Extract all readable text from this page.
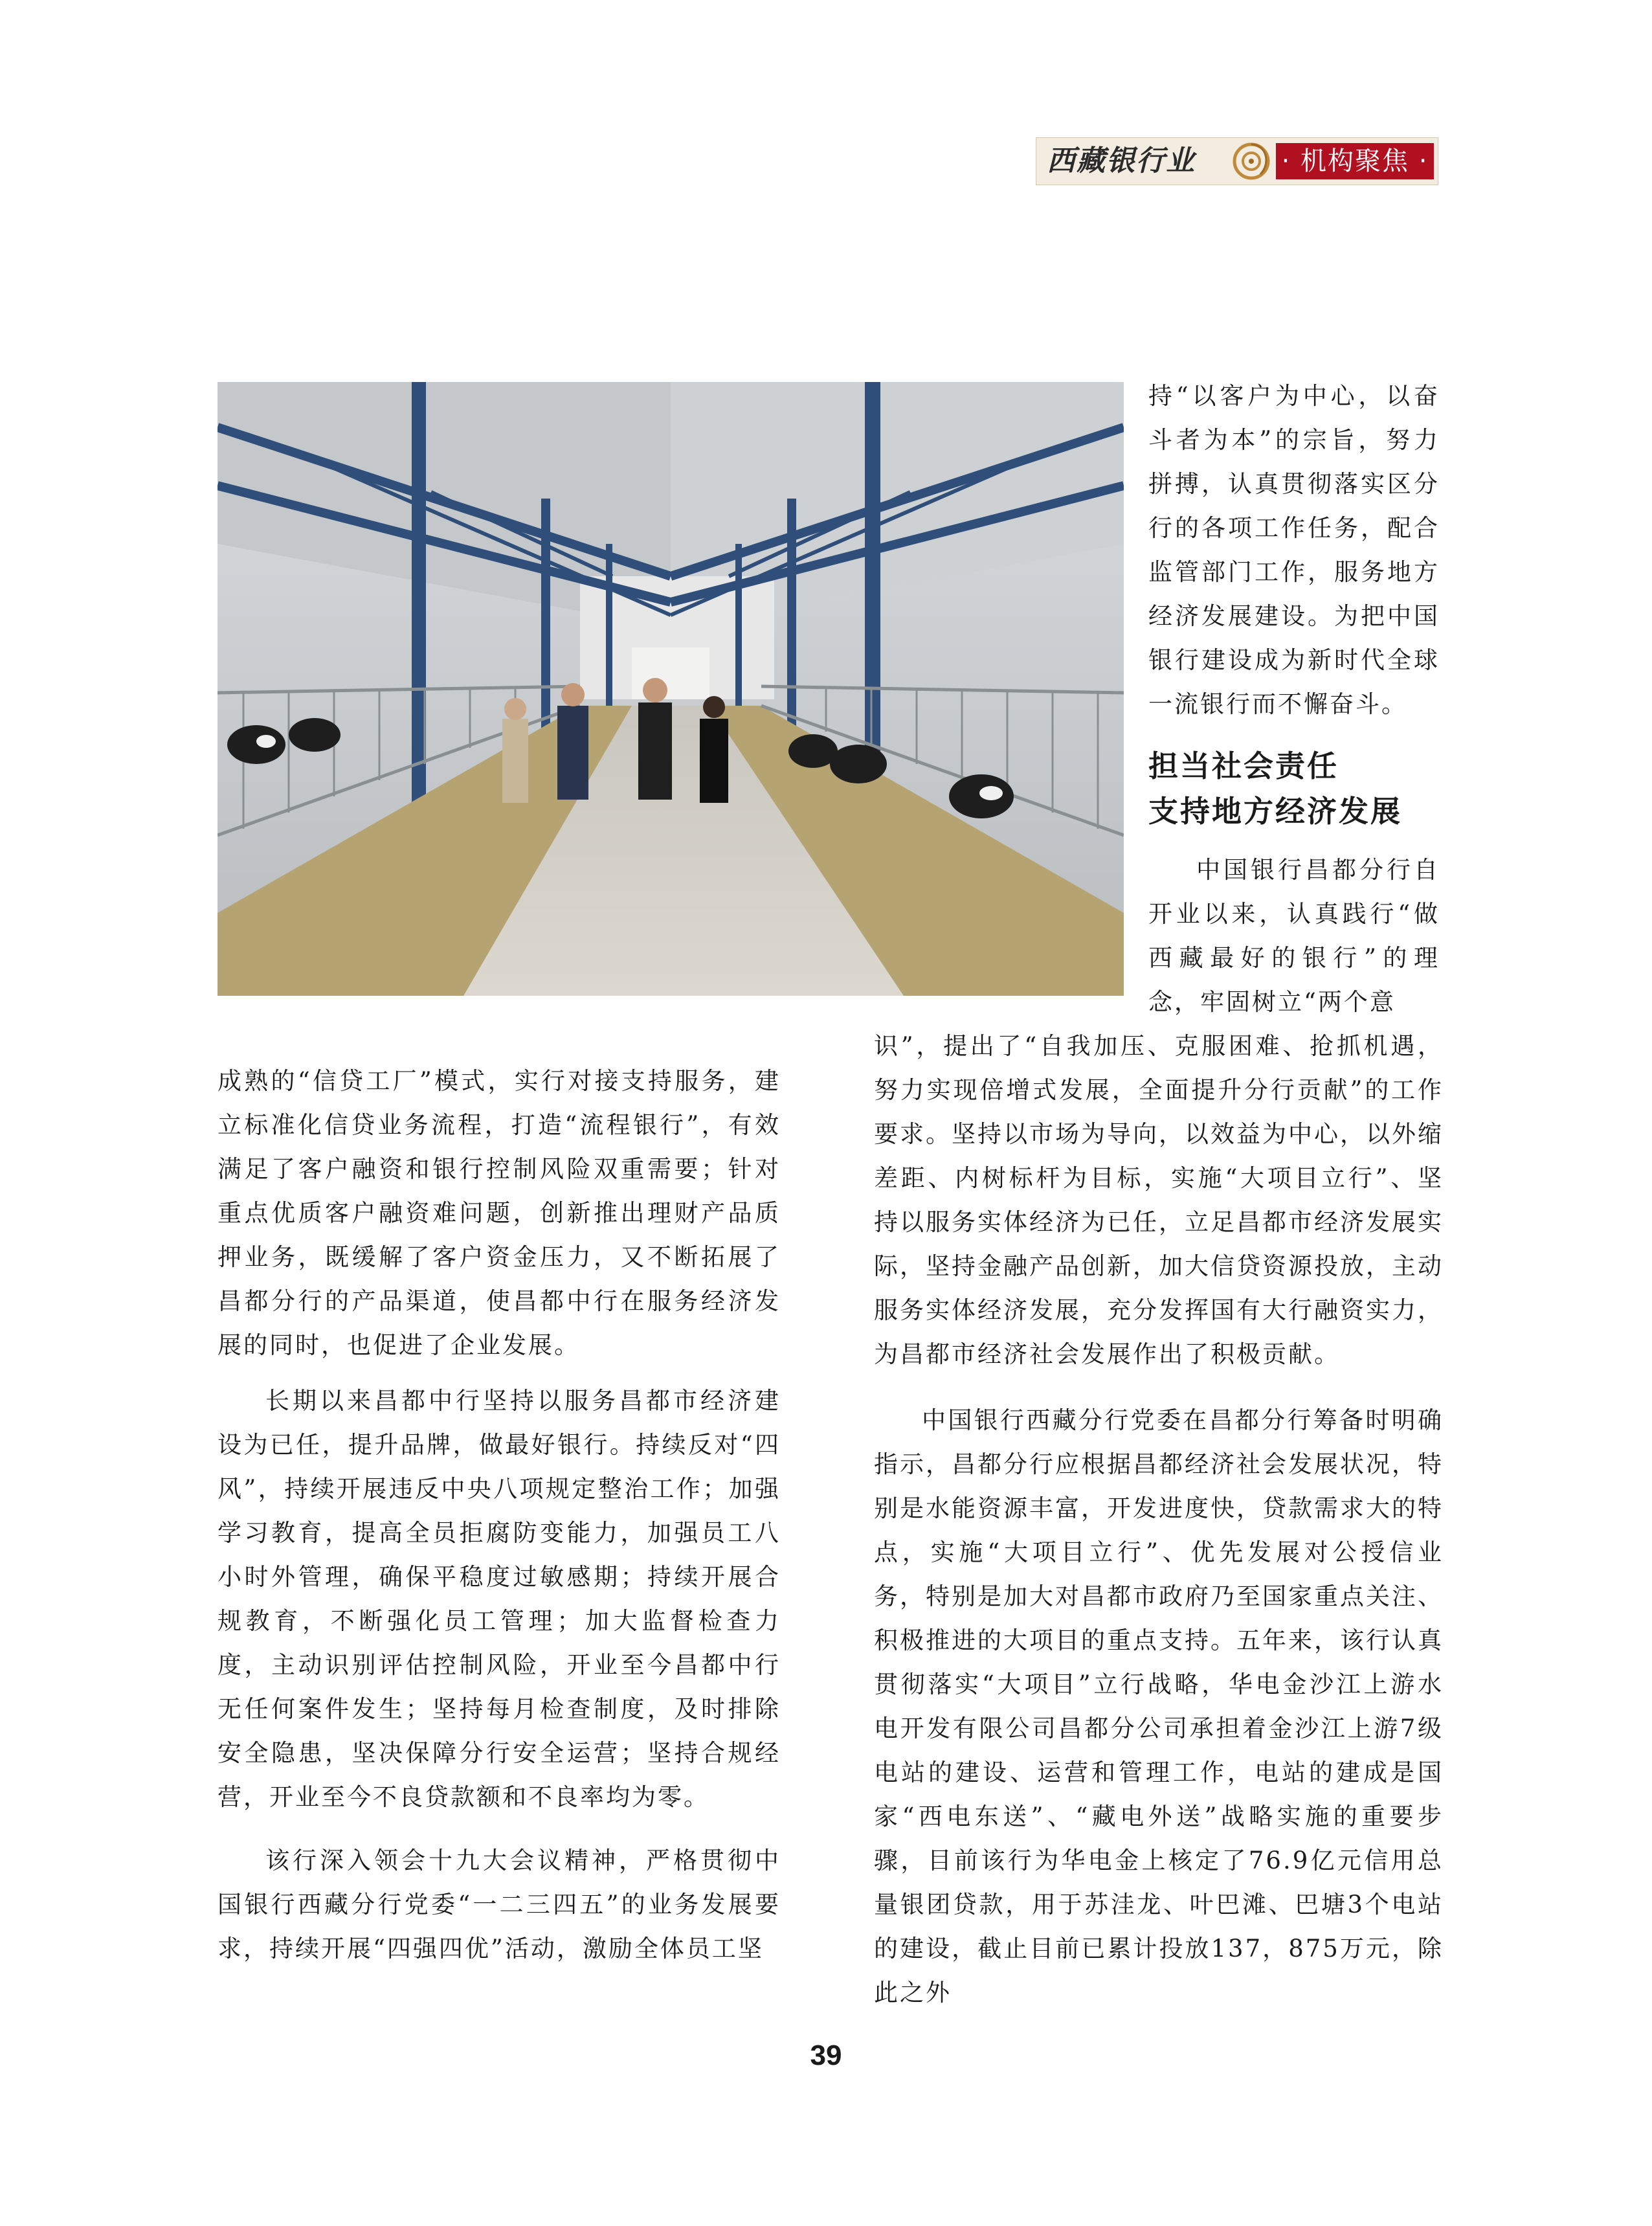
西藏银行业	· 机构聚焦 ·

持“以客户为中心，以奋斗者为本”的宗旨，努力拼搏，认真贯彻落实区分行的各项工作任务，配合监管部门工作，服务地方经济发展建设。为把中国银行建设成为新时代全球一流银行而不懈奋斗。

担当社会责任
支持地方经济发展

中国银行昌都分行自开业以来，认真践行“做西藏最好的银行”的理念，牢固树立“两个意

识”，提出了“自我加压、克服困难、抢抓机遇，努力实现倍增式发展，全面提升分行贡献”的工作要求。坚持以市场为导向，以效益为中心，以外缩差距、内树标杆为目标，实施“大项目立行”、坚持以服务实体经济为已任，立足昌都市经济发展实际，坚持金融产品创新，加大信贷资源投放，主动服务实体经济发展，充分发挥国有大行融资实力，为昌都市经济社会发展作出了积极贡献。

中国银行西藏分行党委在昌都分行筹备时明确指示，昌都分行应根据昌都经济社会发展状况，特别是水能资源丰富，开发进度快，贷款需求大的特点，实施“大项目立行”、优先发展对公授信业务，特别是加大对昌都市政府乃至国家重点关注、积极推进的大项目的重点支持。五年来，该行认真贯彻落实“大项目”立行战略，华电金沙江上游水电开发有限公司昌都分公司承担着金沙江上游7级电站的建设、运营和管理工作，电站的建成是国家“西电东送”、“藏电外送”战略实施的重要步骤，目前该行为华电金上核定了76.9亿元信用总量银团贷款，用于苏洼龙、叶巴滩、巴塘3个电站的建设，截止目前已累计投放137，875万元，除此之外

成熟的“信贷工厂”模式，实行对接支持服务，建立标准化信贷业务流程，打造“流程银行”，有效满足了客户融资和银行控制风险双重需要；针对重点优质客户融资难问题，创新推出理财产品质押业务，既缓解了客户资金压力，又不断拓展了昌都分行的产品渠道，使昌都中行在服务经济发展的同时，也促进了企业发展。

长期以来昌都中行坚持以服务昌都市经济建设为已任，提升品牌，做最好银行。持续反对“四风”，持续开展违反中央八项规定整治工作；加强学习教育，提高全员拒腐防变能力，加强员工八小时外管理，确保平稳度过敏感期；持续开展合规教育，不断强化员工管理；加大监督检查力度，主动识别评估控制风险，开业至今昌都中行无任何案件发生；坚持每月检查制度，及时排除安全隐患，坚决保障分行安全运营；坚持合规经营，开业至今不良贷款额和不良率均为零。

该行深入领会十九大会议精神，严格贯彻中国银行西藏分行党委“一二三四五”的业务发展要求，持续开展“四强四优”活动，激励全体员工坚

39
